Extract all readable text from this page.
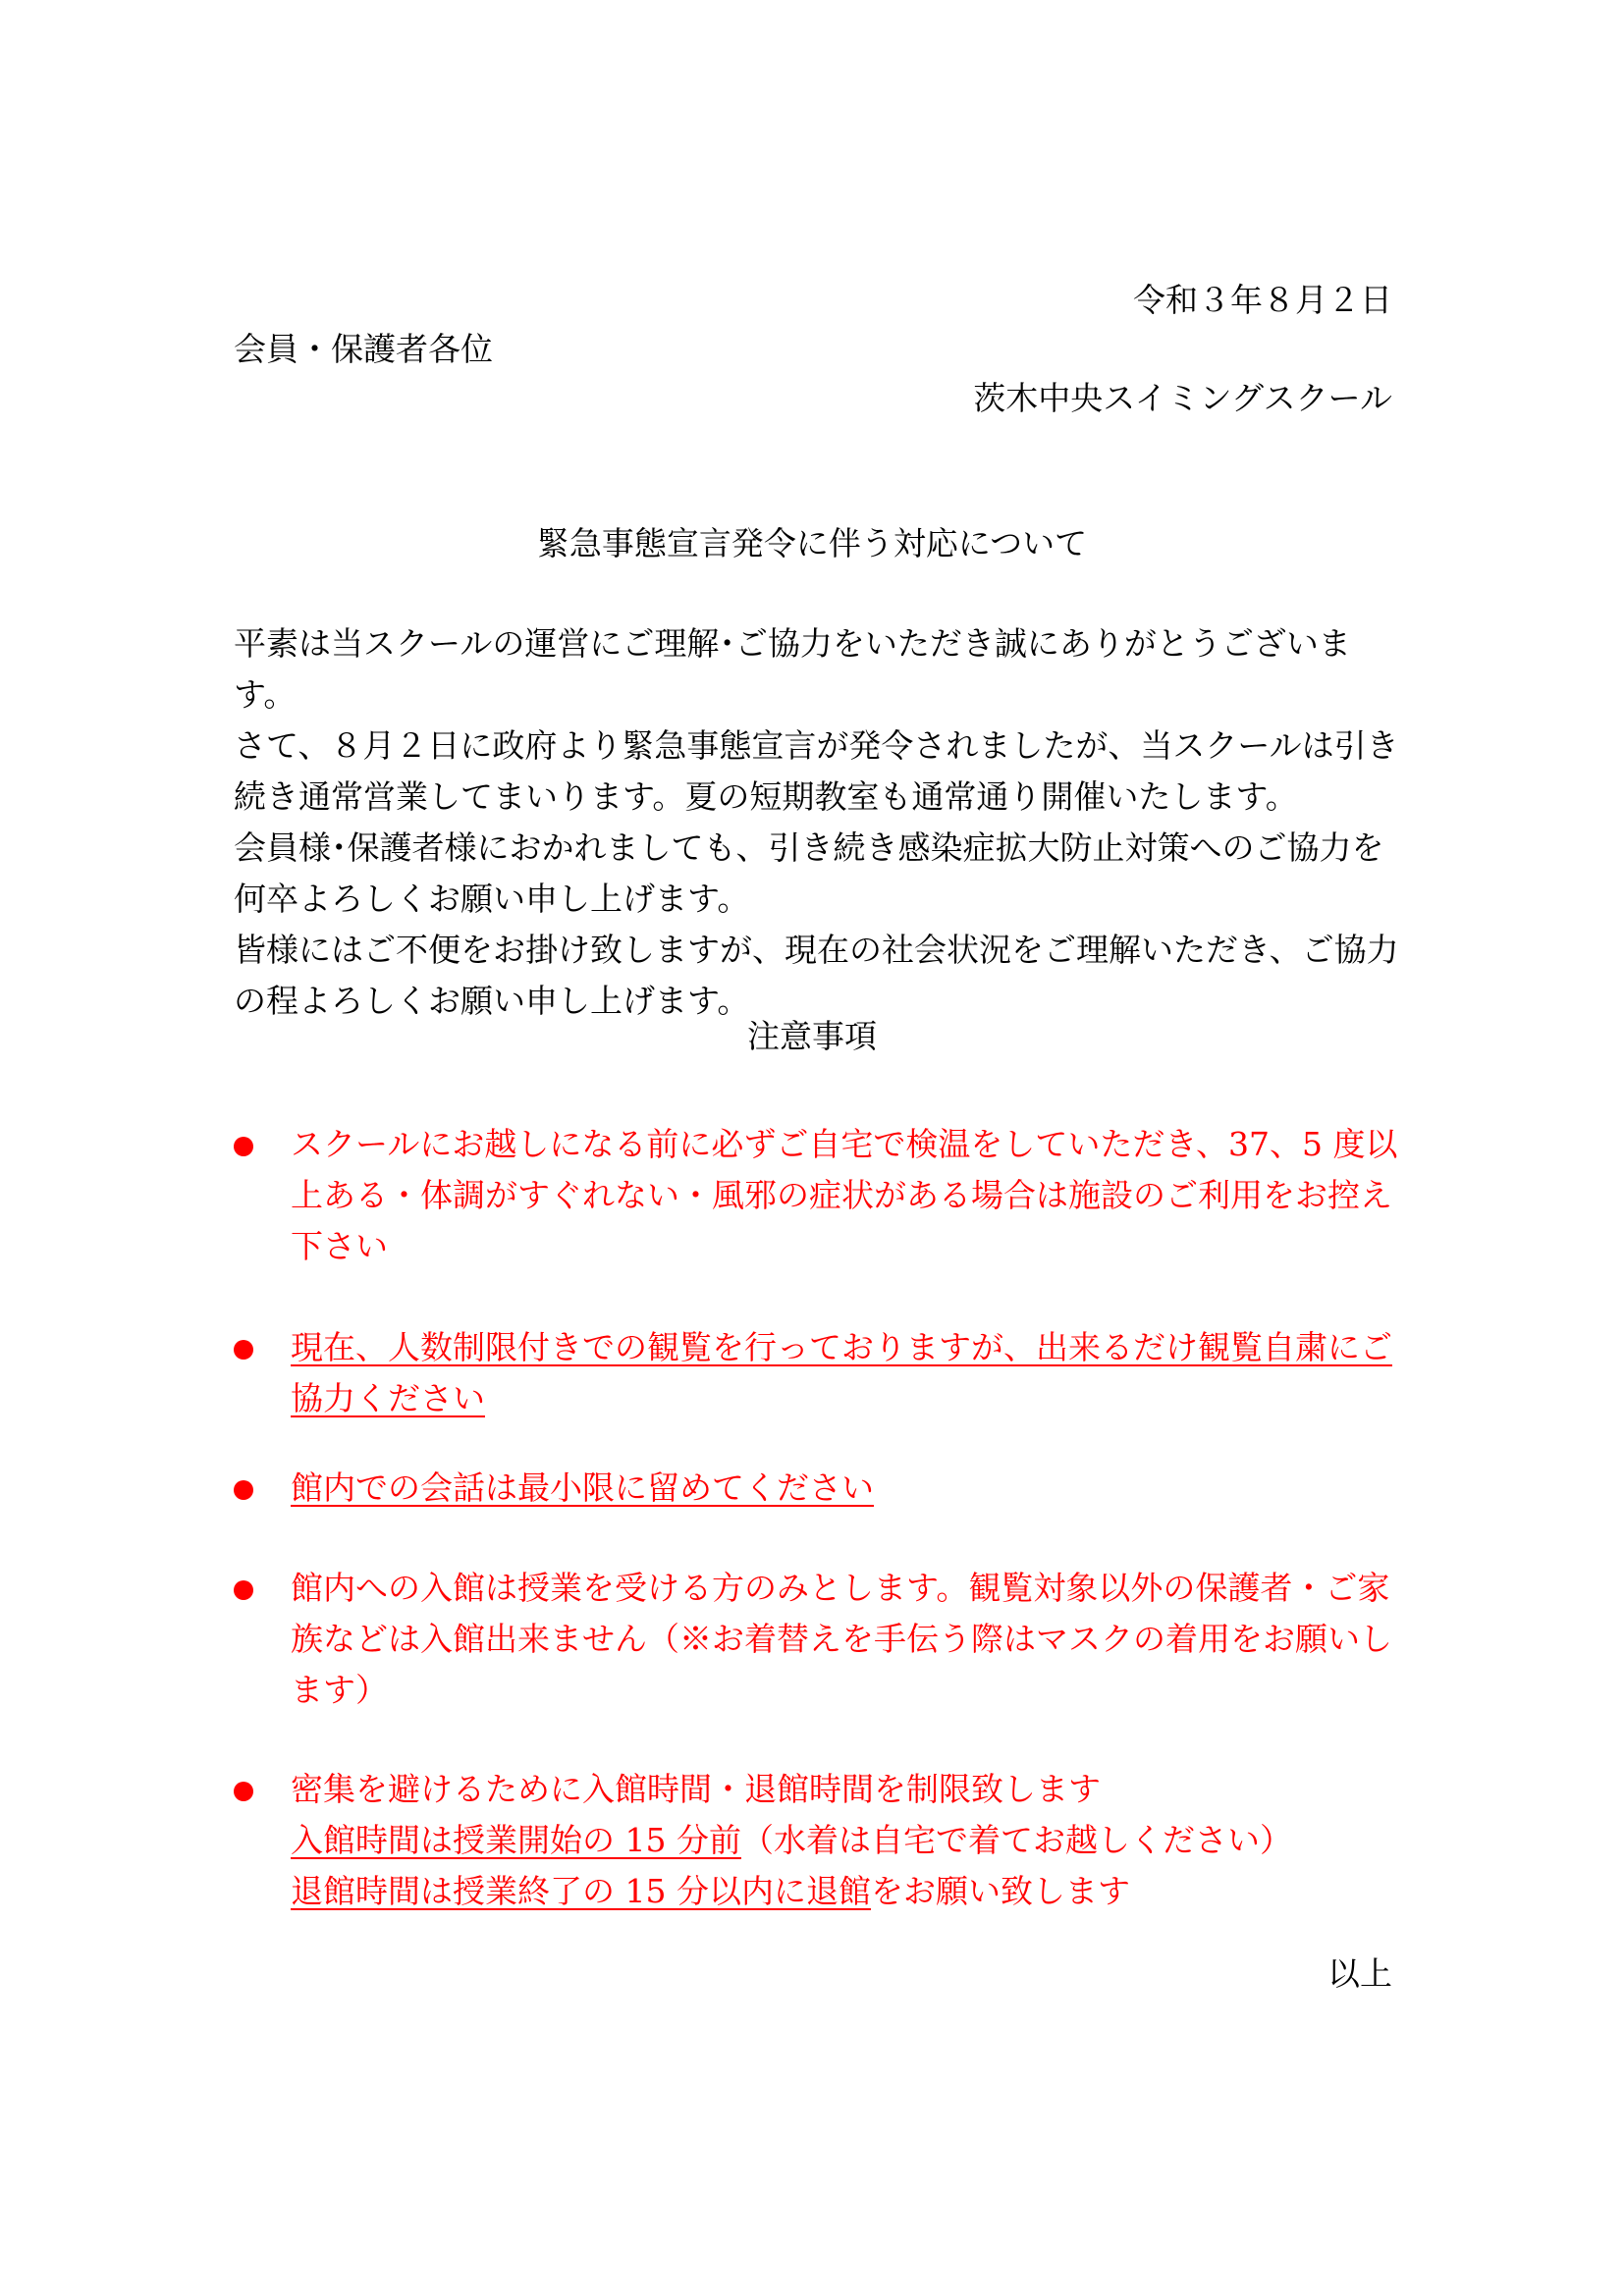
令和３年８月２日
会員・保護者各位
茨木中央スイミングスクール
緊急事態宣言発令に伴う対応について

平素は当スクールの運営にご理解･ご協力をいただき誠にありがとうございます。

さて、８月２日に政府より緊急事態宣言が発令されましたが、当スクールは引き

続き通常営業してまいります。夏の短期教室も通常通り開催いたします。

会員様･保護者様におかれましても、引き続き感染症拡大防止対策へのご協力を

何卒よろしくお願い申し上げます。

皆様にはご不便をお掛け致しますが、現在の社会状況をご理解いただき、ご協力

の程よろしくお願い申し上げます。

注意事項
スクールにお越しになる前に必ずご自宅で検温をしていただき、37、5 度以
上ある・体調がすぐれない・風邪の症状がある場合は施設のご利用をお控え
下さい
現在、人数制限付きでの観覧を行っておりますが、出来るだけ観覧自粛にご
協力ください
館内での会話は最小限に留めてください
館内への入館は授業を受ける方のみとします。観覧対象以外の保護者・ご家
族などは入館出来ません（※お着替えを手伝う際はマスクの着用をお願いし
ます）
密集を避けるために入館時間・退館時間を制限致します
入館時間は授業開始の 15 分前（水着は自宅で着てお越しください）
退館時間は授業終了の 15 分以内に退館をお願い致します
以上
